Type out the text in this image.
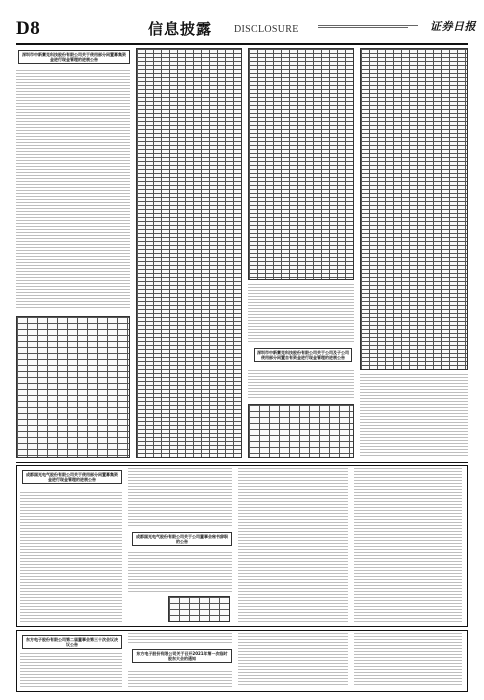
D8	信息披露 DISCLOSURE	证券日报
深圳市中新赛克科技股份有限公司关于使用部分闲置募集资金进行现金管理的进展公告
深圳市中新赛克科技股份有限公司关于公司及子公司使用部分闲置自有资金进行现金管理的进展公告
成都国光电气股份有限公司关于使用部分闲置募集资金进行现金管理的进展公告
成都国光电气股份有限公司关于公司董事会秘书辞职的公告
东方电子股份有限公司第二届董事会第三十次会议决议公告
东方电子股份有限公司关于召开2021年第一次临时股东大会的通知
